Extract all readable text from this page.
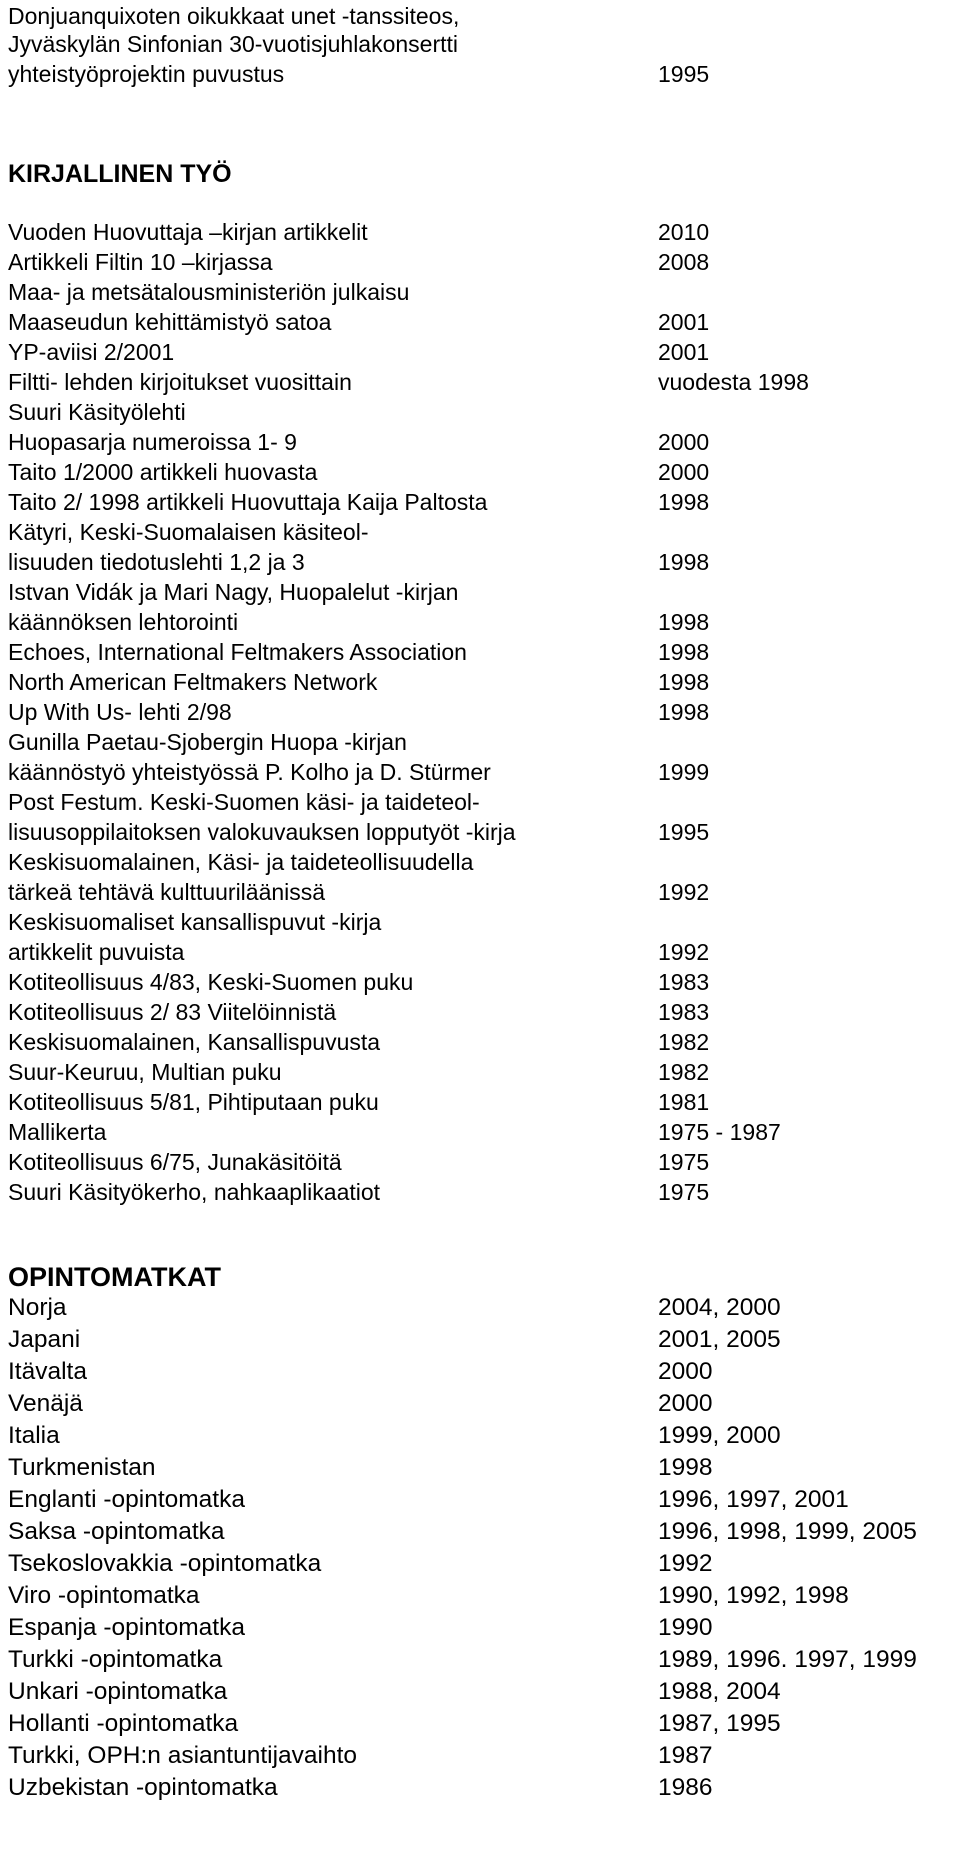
Donjuanquixoten oikukkaat unet -tanssiteos,
Jyväskylän Sinfonian 30-vuotisjuhlakonsertti
yhteistyöprojektin puvustus	1995
KIRJALLINEN TYÖ
Vuoden Huovuttaja –kirjan artikkelit	2010
Artikkeli Filtin 10 –kirjassa	2008
Maa- ja metsätalousministeriön julkaisu
Maaseudun kehittämistyö satoa	2001
YP-aviisi 2/2001	2001
Filtti- lehden kirjoitukset vuosittain	vuodesta 1998
Suuri Käsityölehti
Huopasarja numeroissa 1- 9	2000
Taito 1/2000 artikkeli huovasta	2000
Taito 2/ 1998 artikkeli Huovuttaja Kaija Paltosta	1998
Kätyri, Keski-Suomalaisen käsiteol-
lisuuden tiedotuslehti 1,2 ja 3	1998
Istvan Vidák ja Mari Nagy, Huopalelut -kirjan
käännöksen lehtorointi	1998
Echoes, International Feltmakers Association	1998
North American Feltmakers Network	1998
Up With Us- lehti 2/98	1998
Gunilla Paetau-Sjobergin Huopa -kirjan
käännöstyö yhteistyössä P. Kolho ja D. Stürmer	1999
Post Festum. Keski-Suomen käsi- ja taideteol-
lisuusoppilaitoksen valokuvauksen lopputyöt -kirja	1995
Keskisuomalainen, Käsi- ja taideteollisuudella
tärkeä tehtävä kulttuuriläänissä	1992
Keskisuomaliset kansallispuvut -kirja
artikkelit puvuista	1992
Kotiteollisuus 4/83, Keski-Suomen puku	1983
Kotiteollisuus 2/ 83 Viitelöinnistä	1983
Keskisuomalainen, Kansallispuvusta	1982
Suur-Keuruu, Multian puku	1982
Kotiteollisuus 5/81, Pihtiputaan puku	1981
Mallikerta	1975 - 1987
Kotiteollisuus 6/75, Junakäsitöitä	1975
Suuri Käsityökerho, nahkaaplikaatiot	1975
OPINTOMATKAT
Norja	2004, 2000
Japani	2001, 2005
Itävalta	2000
Venäjä	2000
Italia	1999, 2000
Turkmenistan	1998
Englanti -opintomatka	1996, 1997, 2001
Saksa -opintomatka	1996, 1998, 1999, 2005
Tsekoslovakkia -opintomatka	1992
Viro -opintomatka	1990, 1992, 1998
Espanja -opintomatka	1990
Turkki -opintomatka	1989, 1996. 1997, 1999
Unkari -opintomatka	1988, 2004
Hollanti -opintomatka	1987, 1995
Turkki, OPH:n asiantuntijavaihto	1987
Uzbekistan -opintomatka	1986
